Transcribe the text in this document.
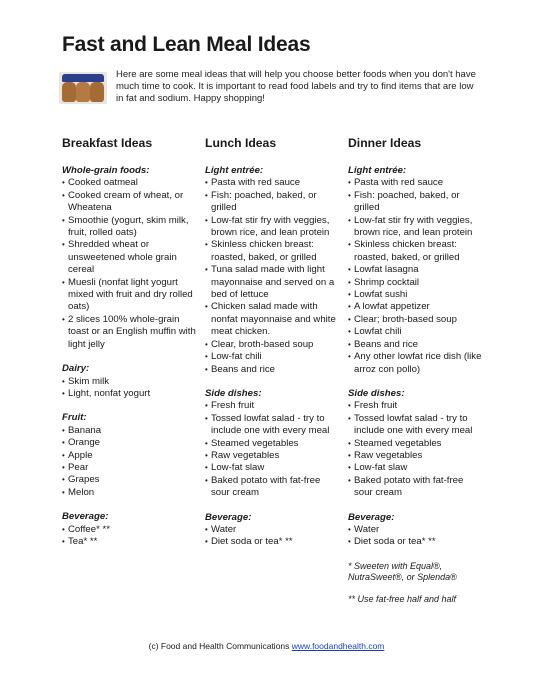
Fast and Lean Meal Ideas
Here are some meal ideas that will help you choose better foods when you don't have much time to cook. It is important to read food labels and try to find items that are low in fat and sodium. Happy shopping!
Breakfast Ideas

Whole-grain foods:

• Cooked oatmeal
• Cooked cream of wheat, or Wheatena
• Smoothie (yogurt, skim milk, fruit, rolled oats)
• Shredded wheat or unsweetened whole grain cereal
• Muesli (nonfat light yogurt mixed with fruit and dry rolled oats)
• 2 slices 100% whole-grain toast or an English muffin with light jelly

Dairy:

• Skim milk
• Light, nonfat yogurt

Fruit:

• Banana
• Orange
• Apple
• Pear
• Grapes
• Melon

Beverage:

• Coffee* **
• Tea* **
Lunch Ideas

Light entrée:

• Pasta with red sauce
• Fish: poached, baked, or grilled
• Low-fat stir fry with veggies, brown rice, and lean protein
• Skinless chicken breast: roasted, baked, or grilled
• Tuna salad made with light mayonnaise and served on a bed of lettuce
• Chicken salad made with nonfat mayonnaise and white meat chicken.
• Clear, broth-based soup
• Low-fat chili
• Beans and rice

Side dishes:

• Fresh fruit
• Tossed lowfat salad - try to include one with every meal
• Steamed vegetables
• Raw vegetables
• Low-fat slaw
• Baked potato with fat-free sour cream

Beverage:

• Water
• Diet soda or tea* **
Dinner Ideas

Light entrée:

• Pasta with red sauce
• Fish: poached, baked, or grilled
• Low-fat stir fry with veggies, brown rice, and lean protein
• Skinless chicken breast: roasted, baked, or grilled
• Lowfat lasagna
• Shrimp cocktail
• Lowfat sushi
• A lowfat appetizer
• Clear; broth-based soup
• Lowfat chili
• Beans and rice
• Any other lowfat rice dish (like arroz con pollo)

Side dishes:

• Fresh fruit
• Tossed lowfat salad - try to include one with every meal
• Steamed vegetables
• Raw vegetables
• Low-fat slaw
• Baked potato with fat-free sour cream

Beverage:

• Water
• Diet soda or tea* **

* Sweeten with Equal®, NutraSweet®, or Splenda®

** Use fat-free half and half

(c) Food and Health Communications www.foodandhealth.com
